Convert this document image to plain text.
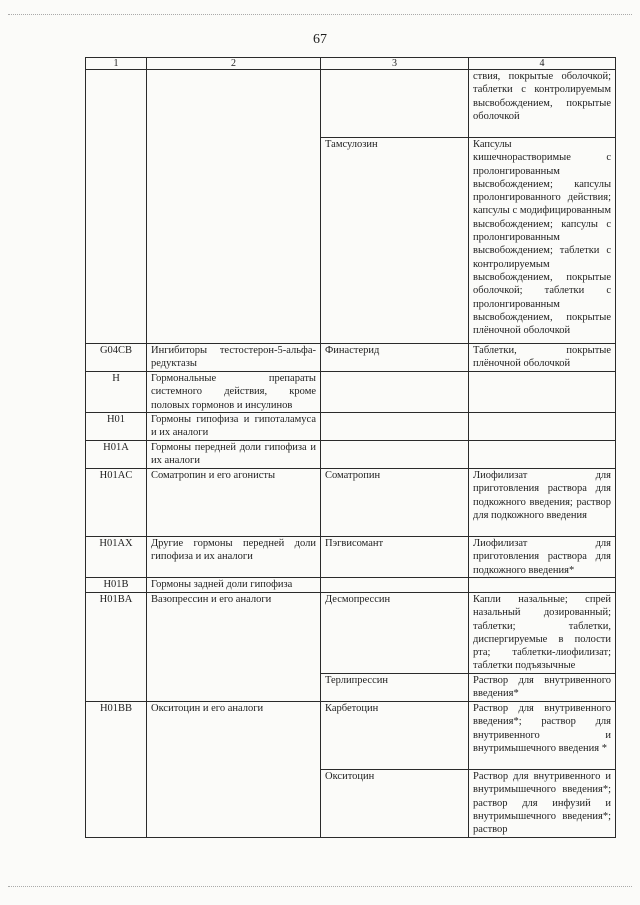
67
1	2	3	4
			ствия, покрытые оболочкой; таблетки с контролируемым высвобождением, покрытые оболочкой
		Тамсулозин	Капсулы кишечнорастворимые с пролонгированным высвобождением; капсулы пролонгированного действия; капсулы с модифицированным высвобождением; капсулы с пролонгированным высвобождением; таблетки с контролируемым высвобождением, покрытые оболочкой; таблетки с пролонгированным высвобождением, покрытые плёночной оболочкой
G04CB	Ингибиторы тестостерон-5-альфа-редуктазы	Финастерид	Таблетки, покрытые плёночной оболочкой
H	Гормональные препараты системного действия, кроме половых гормонов и инсулинов		
H01	Гормоны гипофиза и гипоталамуса и их аналоги		
H01A	Гормоны передней доли гипофиза и их аналоги		
H01AC	Соматропин и его агонисты	Соматропин	Лиофилизат для приготовления раствора для подкожного введения; раствор для подкожного введения
H01AX	Другие гормоны передней доли гипофиза и их аналоги	Пэгвисомант	Лиофилизат для приготовления раствора для подкожного введения*
H01B	Гормоны задней доли гипофиза		
H01BA	Вазопрессин и его аналоги	Десмопрессин	Капли назальные; спрей назальный дозированный; таблетки; таблетки, диспергируемые в полости рта; таблетки-лиофилизат; таблетки подъязычные
		Терлипрессин	Раствор для внутривенного введения*
H01BB	Окситоцин и его аналоги	Карбетоцин	Раствор для внутривенного введения*; раствор для внутривенного и внутримышечного введения *
		Окситоцин	Раствор для внутривенного и внутримышечного введения*; раствор для инфузий и внутримышечного введения*; раствор
